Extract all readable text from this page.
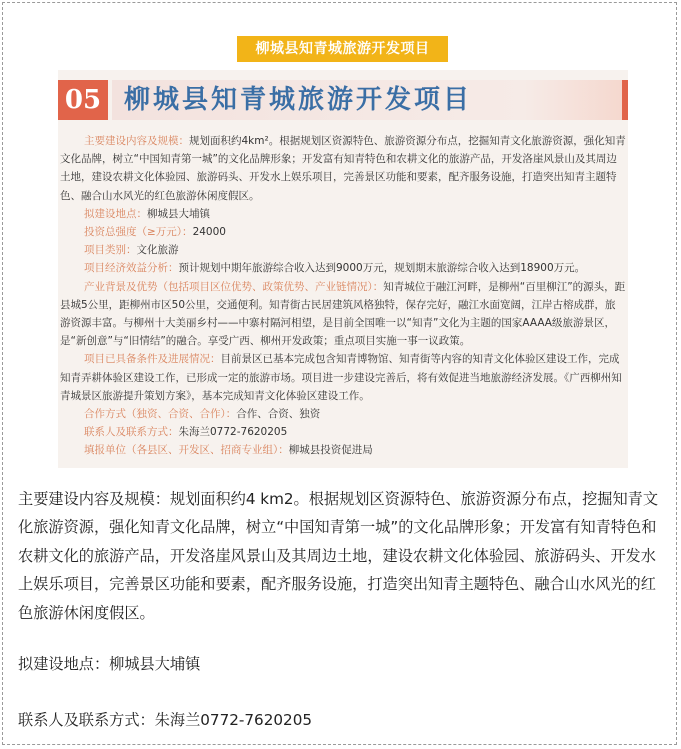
柳城县知青城旅游开发项目
05 柳城县知青城旅游开发项目

主要建设内容及规模：规划面积约4km²。根据规划区资源特色、旅游资源分布点，挖掘知青文化旅游资源，强化知青文化品牌，树立“中国知青第一城”的文化品牌形象；开发富有知青特色和农耕文化的旅游产品，开发洛崖风景山及其周边土地，建设农耕文化体验园、旅游码头、开发水上娱乐项目，完善景区功能和要素，配齐服务设施，打造突出知青主题特色、融合山水风光的红色旅游休闲度假区。

拟建设地点：柳城县大埔镇

投资总强度（≥万元）：24000

项目类别：文化旅游

项目经济效益分析：预计规划中期年旅游综合收入达到9000万元，规划期末旅游综合收入达到18900万元。

产业背景及优势（包括项目区位优势、政策优势、产业链情况）：知青城位于融江河畔，是柳州“百里柳江”的源头，距县城5公里，距柳州市区50公里，交通便利。知青街古民居建筑风格独特，保存完好，融江水面宽阔，江岸古榕成群，旅游资源丰富。与柳州十大美丽乡村——中寨村隔河相望，是目前全国唯一以“知青”文化为主题的国家AAAA级旅游景区，是“新创意”与“旧情结”的融合。享受广西、柳州开发政策；重点项目实施一事一议政策。

项目已具备条件及进展情况：目前景区已基本完成包含知青博物馆、知青街等内容的知青文化体验区建设工作，完成知青弄耕体验区建设工作，已形成一定的旅游市场。项目进一步建设完善后，将有效促进当地旅游经济发展。《广西柳州知青城景区旅游提升策划方案》，基本完成知青文化体验区建设工作。

合作方式（独资、合资、合作）：合作、合资、独资

联系人及联系方式：朱海兰0772-7620205

填报单位（各县区、开发区、招商专业组）：柳城县投资促进局

主要建设内容及规模：规划面积约4 km2。根据规划区资源特色、旅游资源分布点，挖掘知青文化旅游资源，强化知青文化品牌，树立“中国知青第一城”的文化品牌形象；开发富有知青特色和农耕文化的旅游产品，开发洛崖风景山及其周边土地，建设农耕文化体验园、旅游码头、开发水上娱乐项目，完善景区功能和要素，配齐服务设施，打造突出知青主题特色、融合山水风光的红色旅游休闲度假区。

拟建设地点：柳城县大埔镇

联系人及联系方式：朱海兰0772-7620205
